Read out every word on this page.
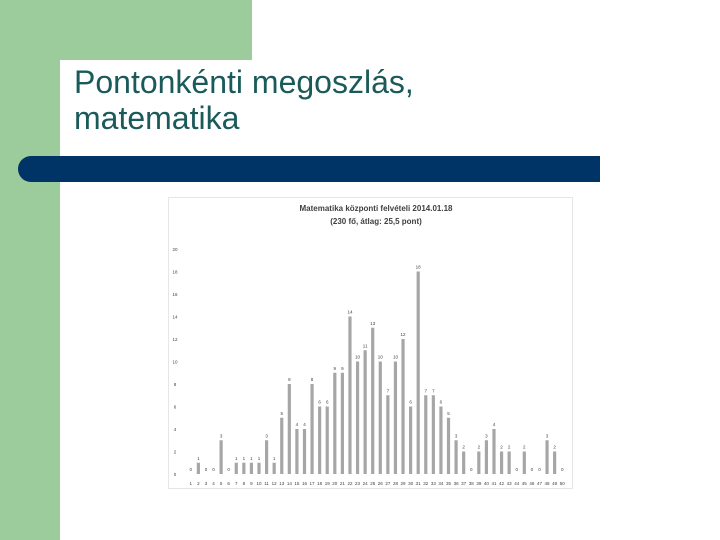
Pontonkénti megoszlás,
matematika
Matematika központi felvételi 2014.01.18
(230 fő, átlag: 25,5 pont)
0
2
4
6
8
10
12
14
16
18
20
0
1
0 0
3
0
1 1 1 1
3
1
5
8
4 4
8
6 6
9 9
14
10
11
13
10
7
10
12
6
18
7 7
6
5
3
2
0
2
3
4
2 2
0
2
0 0
3
2
0
1 2 3 4 5 6 7 8 9 10 11 12 13 14 15 16 17 18 19 20 21 22 23 24 25 26 27 28 29 30 31 32 33 34 35 36 37 38 39 40 41 42 43 44 45 46 47 48 49 50
